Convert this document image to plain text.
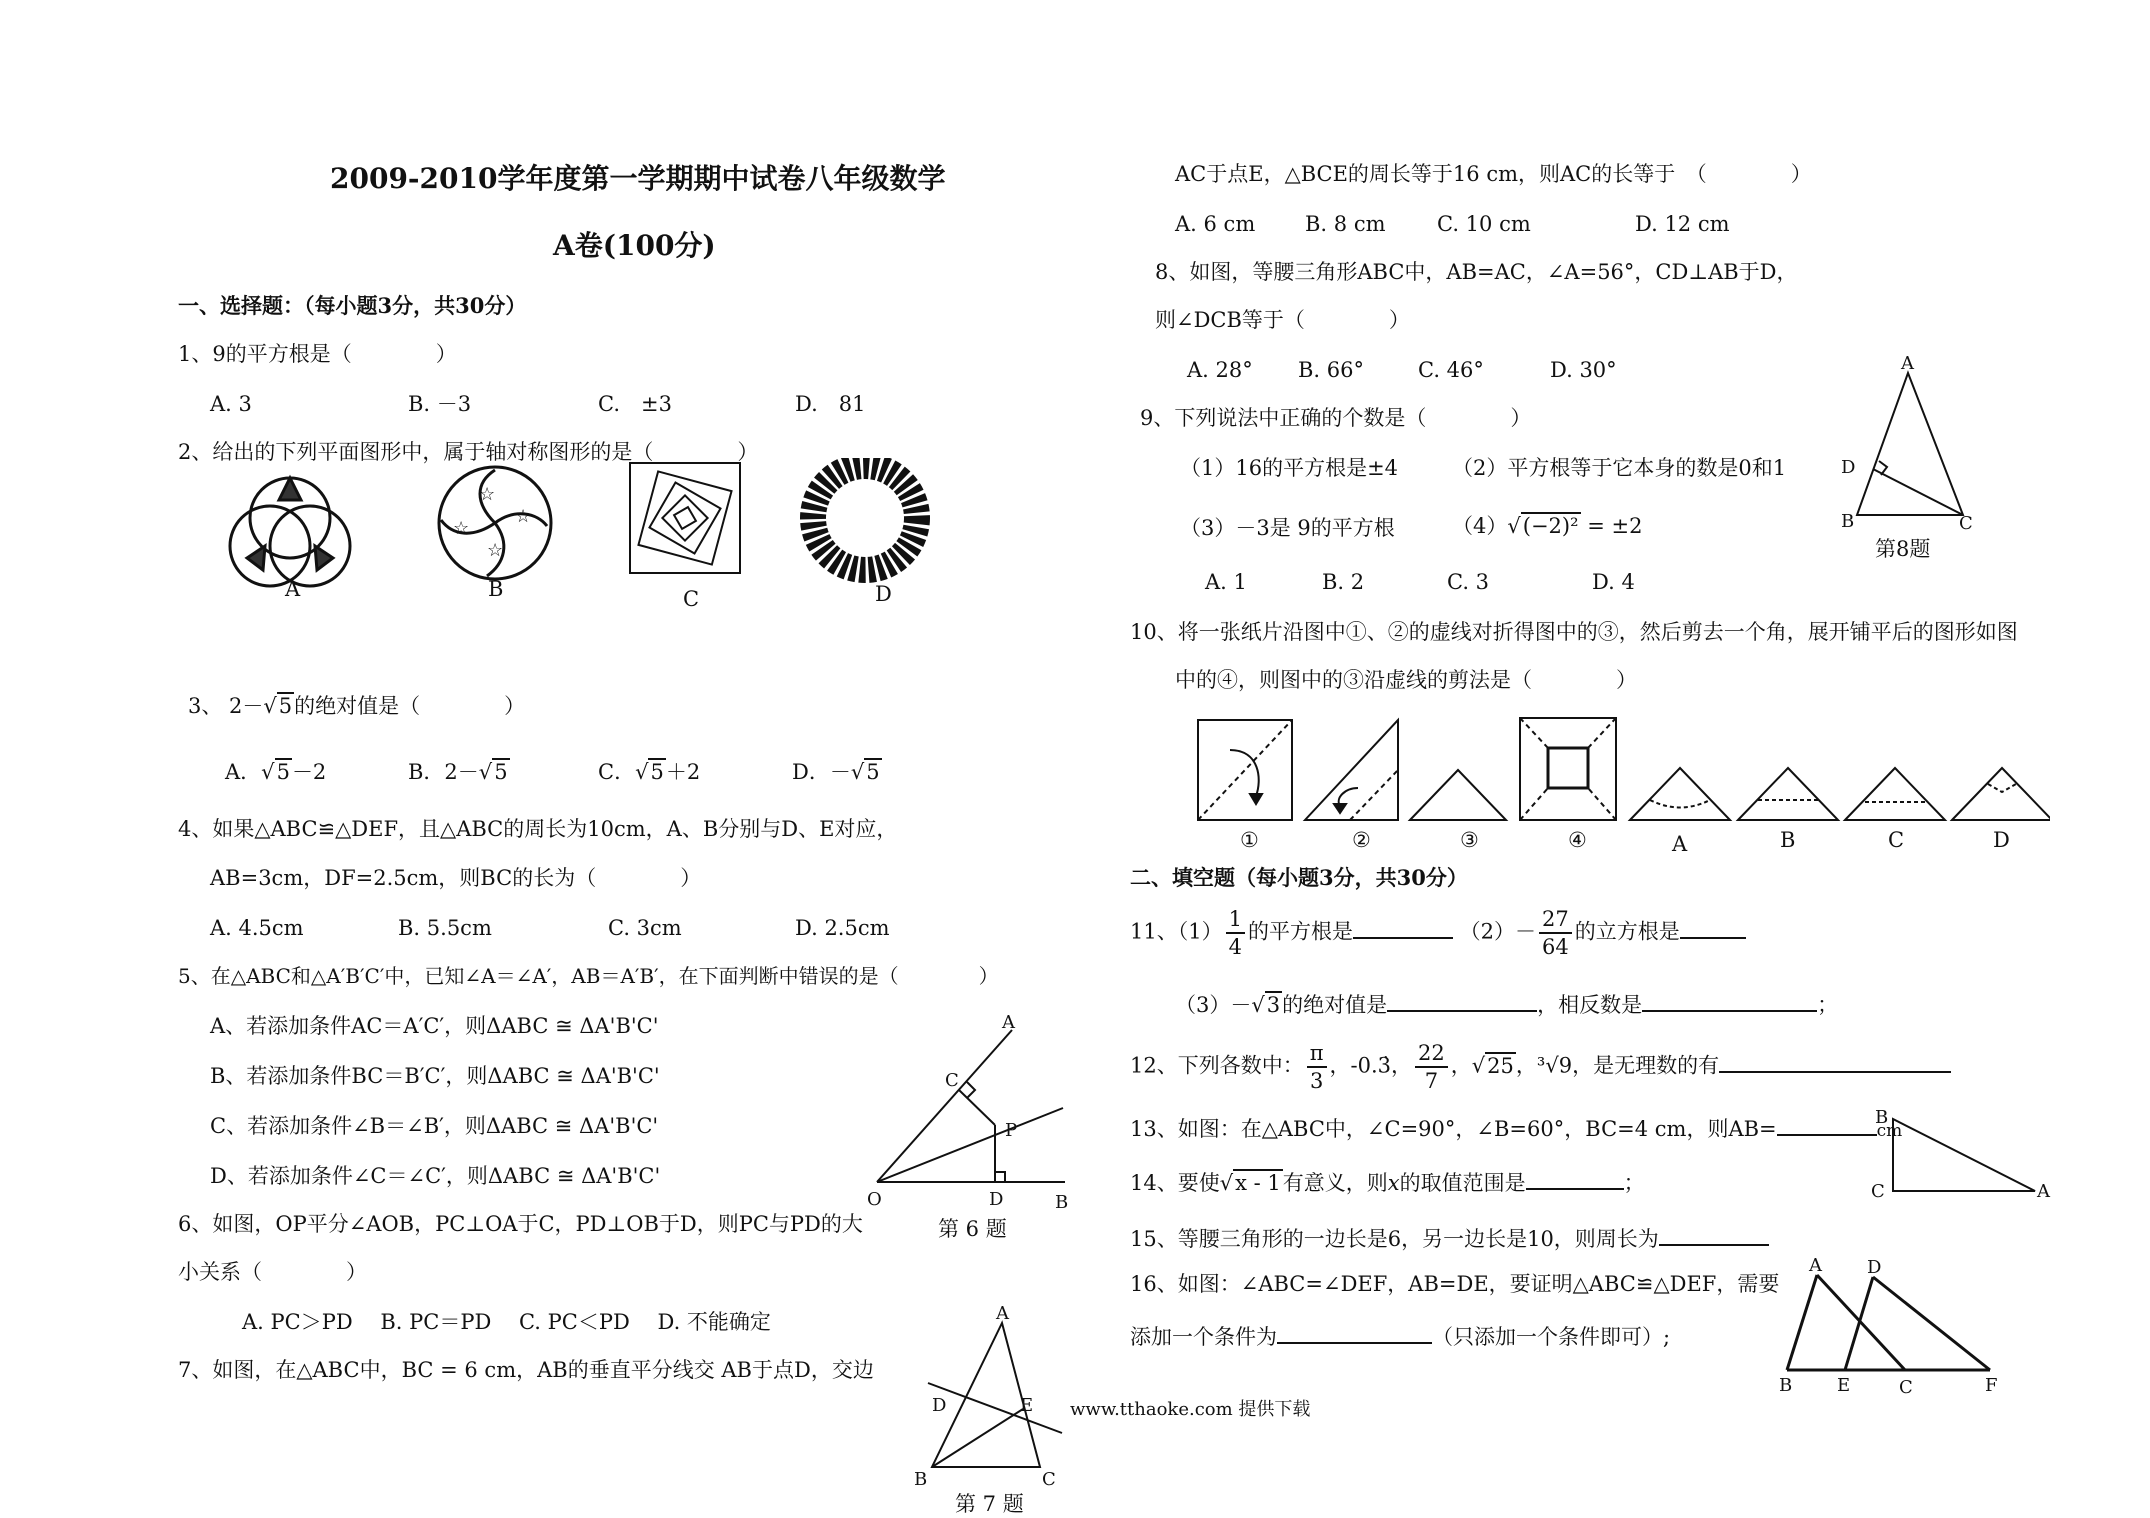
2009-2010学年度第一学期期中试卷八年级数学
A卷(100分)
一、选择题：（每小题3分，共30分）
1、9的平方根是（　　　　）
A. 3	B. －3	C.　±3	D.　81
2、给出的下列平面图形中，属于轴对称图形的是（　　　　）
☆
☆
☆
☆
A	B	C	D
3、 2－√5的绝对值是（　　　　）
A．√5－2	B．2－√5	C．√5＋2	D．－√5
4、如果△ABC≌△DEF，且△ABC的周长为10cm，A、B分别与D、E对应，
AB=3cm，DF=2.5cm，则BC的长为（　　　　）
A. 4.5cm	B. 5.5cm	C. 3cm	D. 2.5cm
5、在△ABC和△A′B′C′中，已知∠A＝∠A′，AB＝A′B′，在下面判断中错误的是（　　　　）
A、若添加条件AC＝A′C′，则ΔABC ≅ ΔA'B'C'
B、若添加条件BC＝B′C′，则ΔABC ≅ ΔA'B'C'
C、若添加条件∠B＝∠B′，则ΔABC ≅ ΔA'B'C'
D、若添加条件∠C＝∠C′，则ΔABC ≅ ΔA'B'C'
A
C
P
O	D	B
第 6 题
6、如图，OP平分∠AOB，PC⊥OA于C，PD⊥OB于D，则PC与PD的大
小关系（　　　　）
A. PC＞PD　 B. PC＝PD　 C. PC＜PD　 D. 不能确定
7、如图，在△ABC中，BC = 6 cm，AB的垂直平分线交 AB于点D，交边
A
D	E
B	C
第 7 题
AC于点E，△BCE的周长等于16 cm，则AC的长等于　（　　　　）
A. 6 cm B. 8 cm C. 10 cm	D. 12 cm
8、如图，等腰三角形ABC中，AB=AC，∠A=56°，CD⊥AB于D，
则∠DCB等于（　　　　）
A. 28° B. 66°	C. 46°	D. 30°	A
D
B	C
第8题
9、下列说法中正确的个数是（　　　　）
（1）16的平方根是±4	（2）平方根等于它本身的数是0和1
（3）－3是 9的平方根	（4）√(−2)² = ±2
A. 1	B. 2	C. 3	D. 4
10、将一张纸片沿图中①、②的虚线对折得图中的③，然后剪去一个角，展开铺平后的图形如图
中的④，则图中的③沿虚线的剪法是（　　　　）
①	②	③	④	A	B	C	D
二、填空题（每小题3分，共30分）
11、$(1) \frac{1}{4}$ 的平方根是	$(2)- \frac{27}{64}$ 的立方根是
（3）－√3的绝对值是	，相反数是	；
12、下列各数中： $\frac{\pi}{3}$ ，-0.3̇， $\frac{22}{7}$ ，√25，³√9，是无理数的有
13、如图：在△ABC中，∠C=90°，∠B=60°，BC=4 cm，则AB=	cm
B
C	A
14、要使√x - 1有意义，则x的取值范围是	；
15、等腰三角形的一边长是6，另一边长是10，则周长为
16、如图：∠ABC=∠DEF，AB=DE，要证明△ABC≌△DEF，需要
添加一个条件为	（只添加一个条件即可）;
A	D
B E	C	F
www.tthaoke.com 提供下载
